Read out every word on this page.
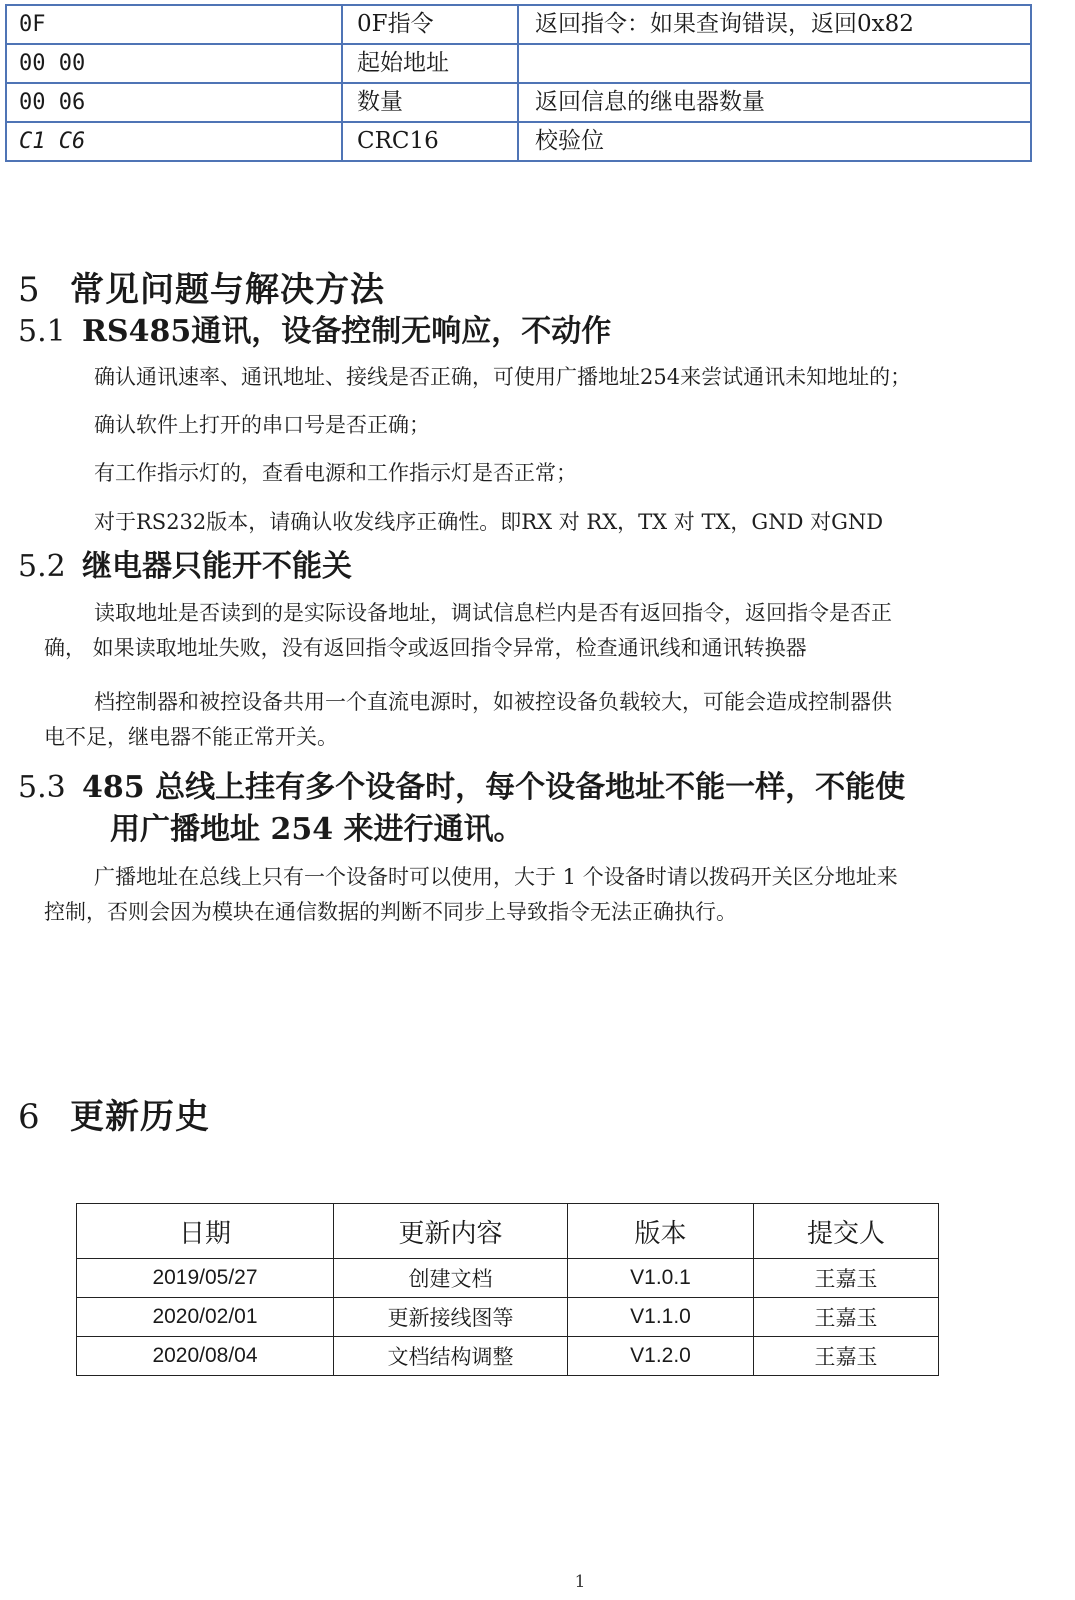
0F	0F指令	返回指令：如果查询错误，返回0x82
00 00	起始地址	
00 06	数量	返回信息的继电器数量
C1 C6	CRC16	校验位
5 常见问题与解决方法
5.1 RS485通讯，设备控制无响应，不动作
确认通讯速率、通讯地址、接线是否正确，可使用广播地址254来尝试通讯未知地址的；
确认软件上打开的串口号是否正确；
有工作指示灯的，查看电源和工作指示灯是否正常；
对于RS232版本，请确认收发线序正确性。即RX 对 RX，TX 对 TX，GND 对GND
5.2 继电器只能开不能关
读取地址是否读到的是实际设备地址，调试信息栏内是否有返回指令，返回指令是否正
确， 如果读取地址失败，没有返回指令或返回指令异常，检查通讯线和通讯转换器
档控制器和被控设备共用一个直流电源时，如被控设备负载较大，可能会造成控制器供
电不足，继电器不能正常开关。
5.3 485 总线上挂有多个设备时，每个设备地址不能一样，不能使
用广播地址 254 来进行通讯。
广播地址在总线上只有一个设备时可以使用，大于 1 个设备时请以拨码开关区分地址来
控制，否则会因为模块在通信数据的判断不同步上导致指令无法正确执行。
6 更新历史
日期	更新内容	版本	提交人
2019/05/27	创建文档	V1.0.1	王嘉玉
2020/02/01	更新接线图等	V1.1.0	王嘉玉
2020/08/04	文档结构调整	V1.2.0	王嘉玉
1
